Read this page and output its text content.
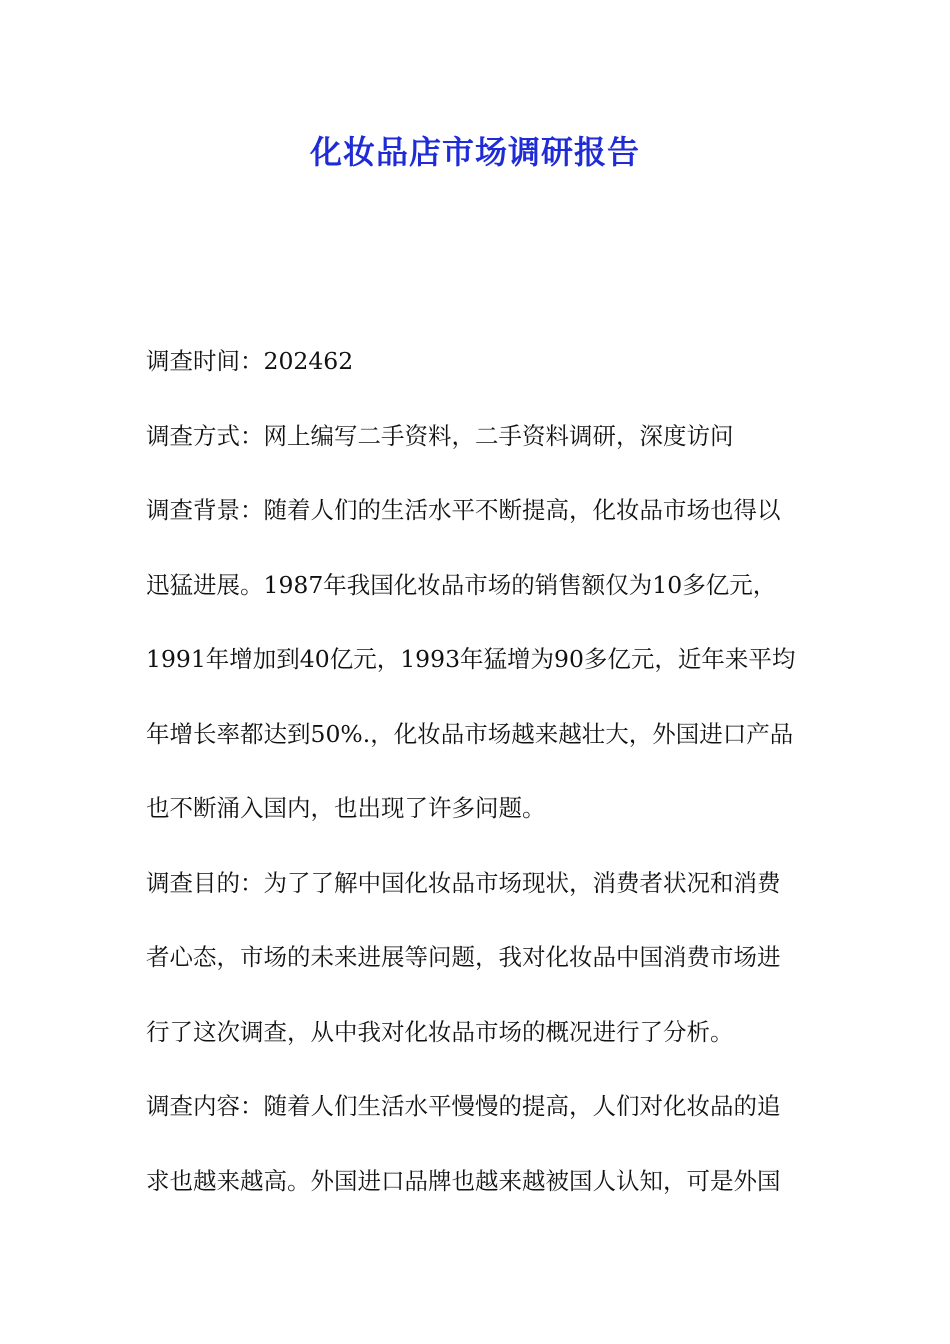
化妆品店市场调研报告
调查时间：202462
调查方式：网上编写二手资料，二手资料调研，深度访问
调查背景：随着人们的生活水平不断提高，化妆品市场也得以
迅猛进展。1987年我国化妆品市场的销售额仅为10多亿元，
1991年增加到40亿元，1993年猛增为90多亿元，近年来平均
年增长率都达到50%.，化妆品市场越来越壮大，外国进口产品
也不断涌入国内，也出现了许多问题。
调查目的：为了了解中国化妆品市场现状，消费者状况和消费
者心态，市场的未来进展等问题，我对化妆品中国消费市场进
行了这次调查，从中我对化妆品市场的概况进行了分析。
调查内容：随着人们生活水平慢慢的提高，人们对化妆品的追
求也越来越高。外国进口品牌也越来越被国人认知，可是外国
